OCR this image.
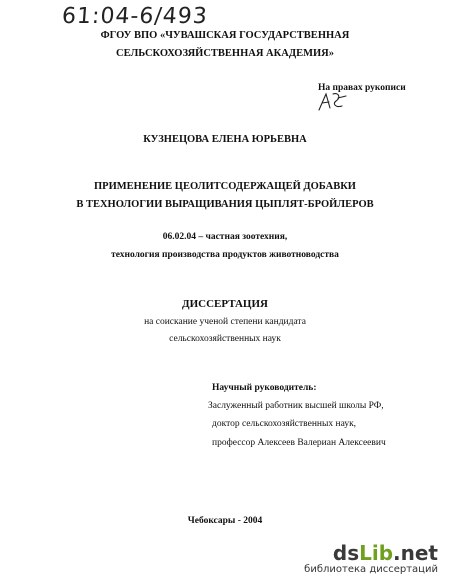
61:04-6/493
ФГОУ ВПО «ЧУВАШСКАЯ ГОСУДАРСТВЕННАЯ
СЕЛЬСКОХОЗЯЙСТВЕННАЯ АКАДЕМИЯ»
На правах рукописи
КУЗНЕЦОВА ЕЛЕНА ЮРЬЕВНА
ПРИМЕНЕНИЕ ЦЕОЛИТСОДЕРЖАЩЕЙ ДОБАВКИ
В ТЕХНОЛОГИИ ВЫРАЩИВАНИЯ ЦЫПЛЯТ-БРОЙЛЕРОВ
06.02.04 – частная зоотехния,
технология производства продуктов животноводства
ДИССЕРТАЦИЯ
на соискание ученой степени кандидата
сельскохозяйственных наук
Научный руководитель:
Заслуженный работник высшей школы РФ,
доктор сельскохозяйственных наук,
профессор Алексеев Валериан Алексеевич
Чебоксары - 2004
dsLib.net
библиотека диссертаций
